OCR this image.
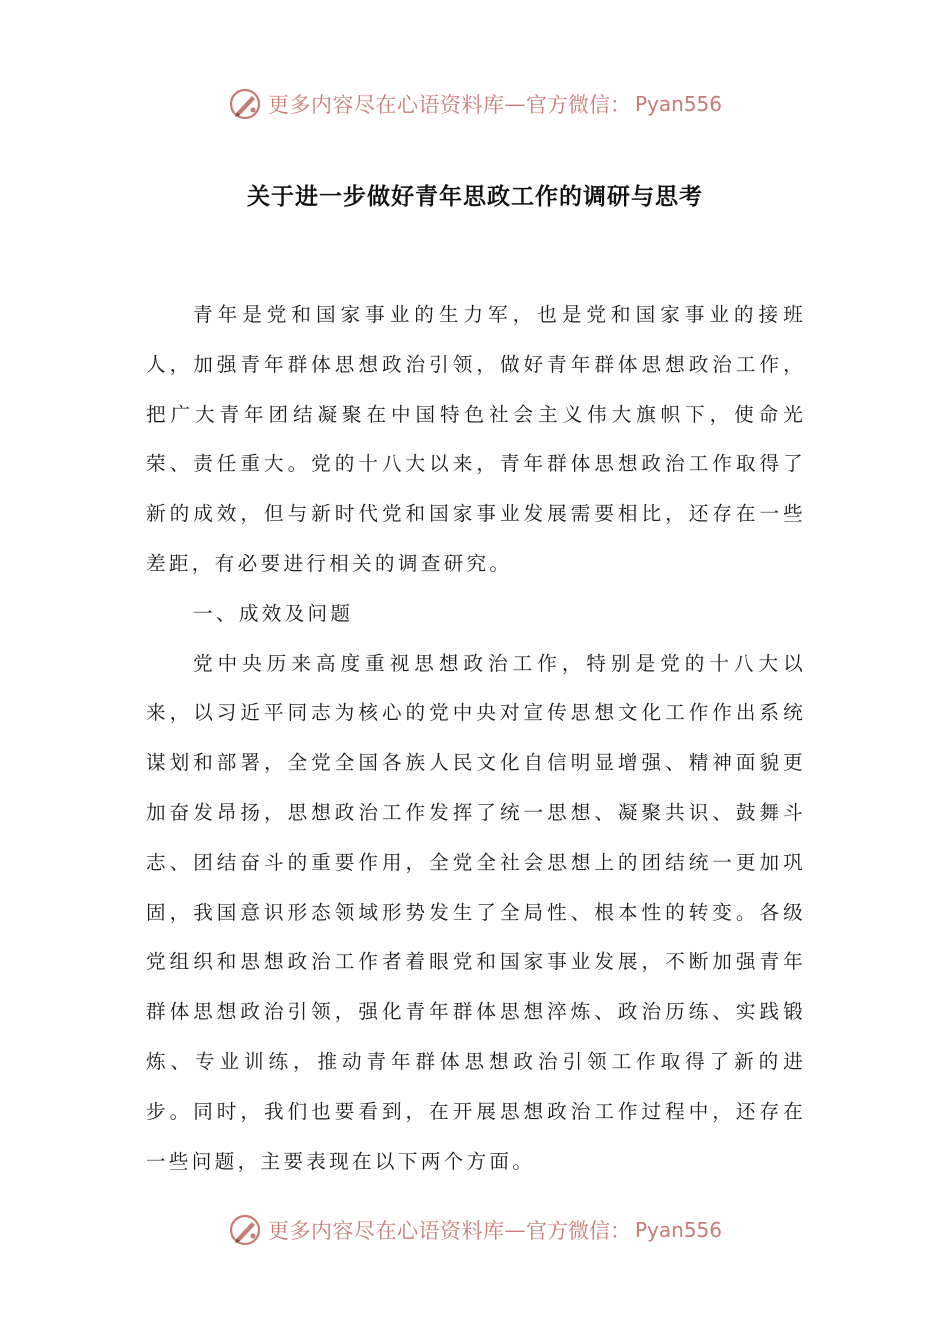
更多内容尽在心语资料库 — 官方微信： Pyan556
关于进一步做好青年思政工作的调研与思考

青年是党和国家事业的生力军，也是党和国家事业的接班人，加强青年群体思想政治引领，做好青年群体思想政治工作，把广大青年团结凝聚在中国特色社会主义伟大旗帜下，使命光荣、责任重大。党的十八大以来，青年群体思想政治工作取得了新的成效，但与新时代党和国家事业发展需要相比，还存在一些差距，有必要进行相关的调查研究。

一、成效及问题

党中央历来高度重视思想政治工作，特别是党的十八大以来，以习近平同志为核心的党中央对宣传思想文化工作作出系统谋划和部署，全党全国各族人民文化自信明显增强、精神面貌更加奋发昂扬，思想政治工作发挥了统一思想、凝聚共识、鼓舞斗志、团结奋斗的重要作用，全党全社会思想上的团结统一更加巩固，我国意识形态领域形势发生了全局性、根本性的转变。各级党组织和思想政治工作者着眼党和国家事业发展，不断加强青年群体思想政治引领，强化青年群体思想淬炼、政治历练、实践锻炼、专业训练，推动青年群体思想政治引领工作取得了新的进步。同时，我们也要看到，在开展思想政治工作过程中，还存在一些问题，主要表现在以下两个方面。

更多内容尽在心语资料库 — 官方微信： Pyan556
